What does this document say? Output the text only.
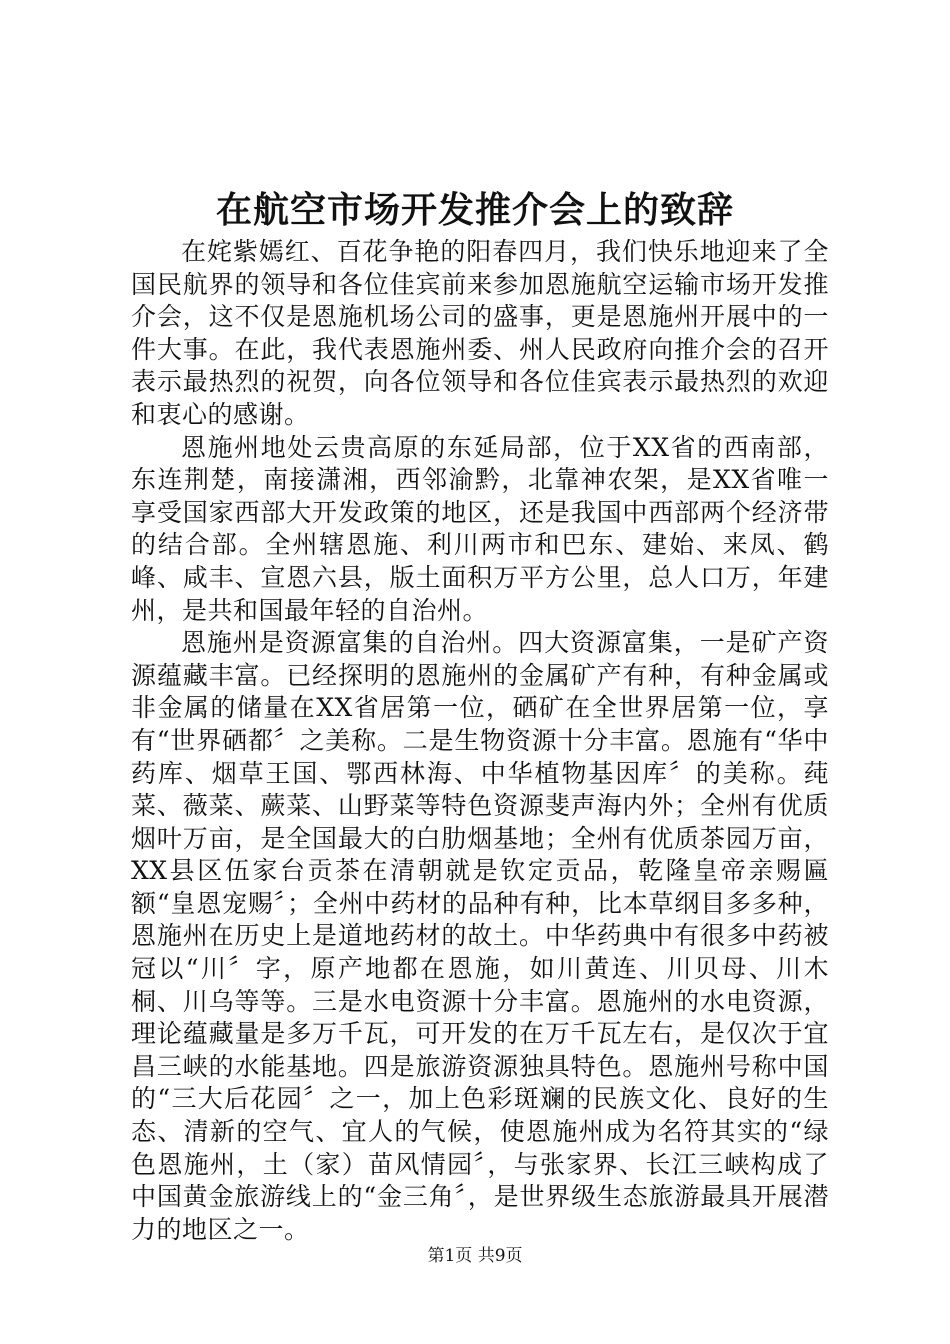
在航空市场开发推介会上的致辞

在姹紫嫣红、百花争艳的阳春四月，我们快乐地迎来了全国民航界的领导和各位佳宾前来参加恩施航空运输市场开发推介会，这不仅是恩施机场公司的盛事，更是恩施州开展中的一件大事。在此，我代表恩施州委、州人民政府向推介会的召开表示最热烈的祝贺，向各位领导和各位佳宾表示最热烈的欢迎和衷心的感谢。

恩施州地处云贵高原的东延局部，位于XX省的西南部，东连荆楚，南接潇湘，西邻渝黔，北靠神农架，是XX省唯一享受国家西部大开发政策的地区，还是我国中西部两个经济带的结合部。全州辖恩施、利川两市和巴东、建始、来凤、鹤峰、咸丰、宣恩六县，版土面积万平方公里，总人口万，年建州，是共和国最年轻的自治州。

恩施州是资源富集的自治州。四大资源富集，一是矿产资源蕴藏丰富。已经探明的恩施州的金属矿产有种，有种金属或非金属的储量在XX省居第一位，硒矿在全世界居第一位，享有“世界硒都〞之美称。二是生物资源十分丰富。恩施有“华中药库、烟草王国、鄂西林海、中华植物基因库〞的美称。莼菜、薇菜、蕨菜、山野菜等特色资源斐声海内外；全州有优质烟叶万亩，是全国最大的白肋烟基地；全州有优质茶园万亩，XX县区伍家台贡茶在清朝就是钦定贡品，乾隆皇帝亲赐匾额“皇恩宠赐〞；全州中药材的品种有种，比本草纲目多多种，恩施州在历史上是道地药材的故土。中华药典中有很多中药被冠以“川〞字，原产地都在恩施，如川黄连、川贝母、川木桐、川乌等等。三是水电资源十分丰富。恩施州的水电资源，理论蕴藏量是多万千瓦，可开发的在万千瓦左右，是仅次于宜昌三峡的水能基地。四是旅游资源独具特色。恩施州号称中国的“三大后花园〞之一，加上色彩斑斓的民族文化、良好的生态、清新的空气、宜人的气候，使恩施州成为名符其实的“绿色恩施州，土（家）苗风情园〞，与张家界、长江三峡构成了中国黄金旅游线上的“金三角〞，是世界级生态旅游最具开展潜力的地区之一。

第1页 共9页
